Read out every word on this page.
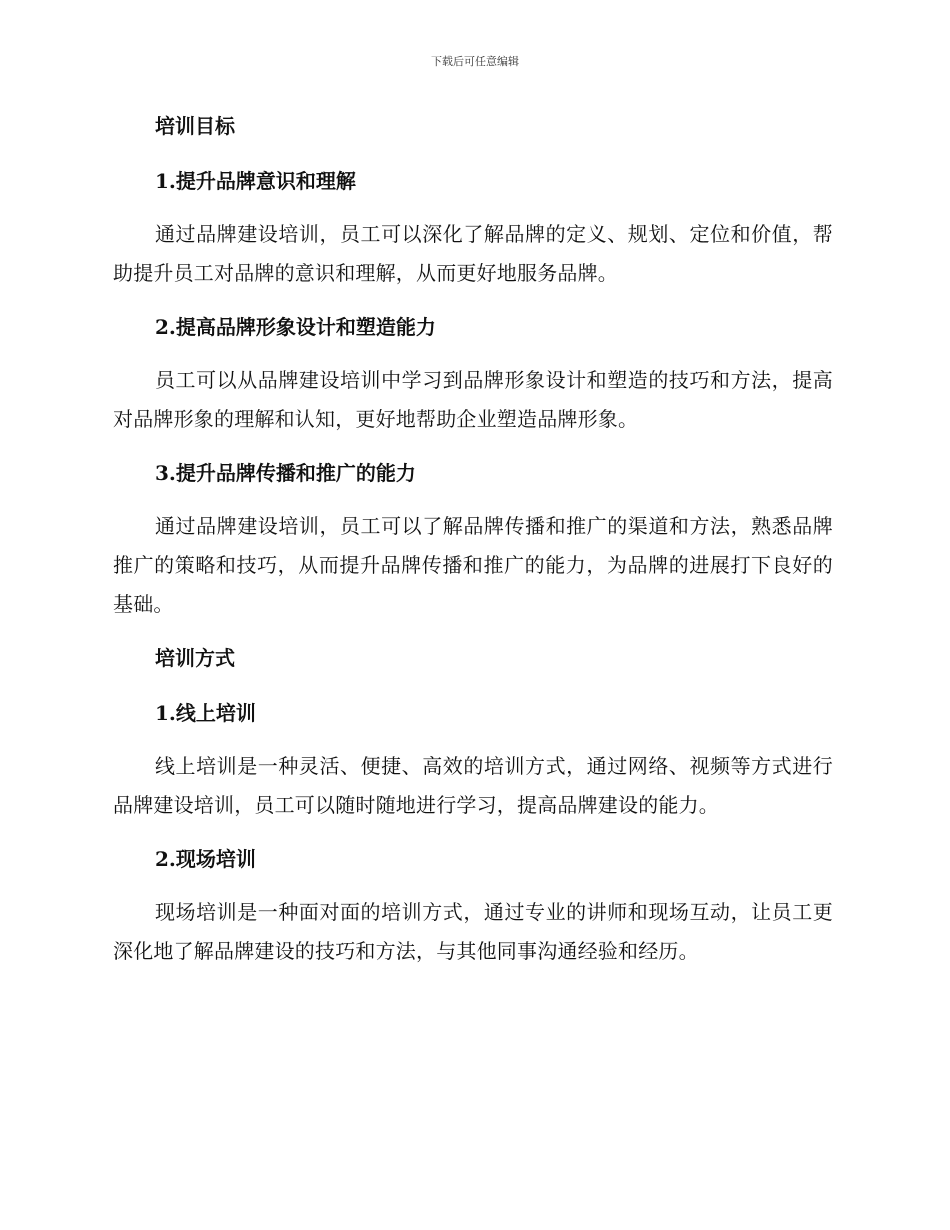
下载后可任意编辑
培训目标
1.提升品牌意识和理解

通过品牌建设培训，员工可以深化了解品牌的定义、规划、定位和价值，帮助提升员工对品牌的意识和理解，从而更好地服务品牌。

2.提高品牌形象设计和塑造能力

员工可以从品牌建设培训中学习到品牌形象设计和塑造的技巧和方法，提高对品牌形象的理解和认知，更好地帮助企业塑造品牌形象。

3.提升品牌传播和推广的能力

通过品牌建设培训，员工可以了解品牌传播和推广的渠道和方法，熟悉品牌推广的策略和技巧，从而提升品牌传播和推广的能力，为品牌的进展打下良好的基础。

培训方式
1.线上培训

线上培训是一种灵活、便捷、高效的培训方式，通过网络、视频等方式进行品牌建设培训，员工可以随时随地进行学习，提高品牌建设的能力。

2.现场培训

现场培训是一种面对面的培训方式，通过专业的讲师和现场互动，让员工更深化地了解品牌建设的技巧和方法，与其他同事沟通经验和经历。
